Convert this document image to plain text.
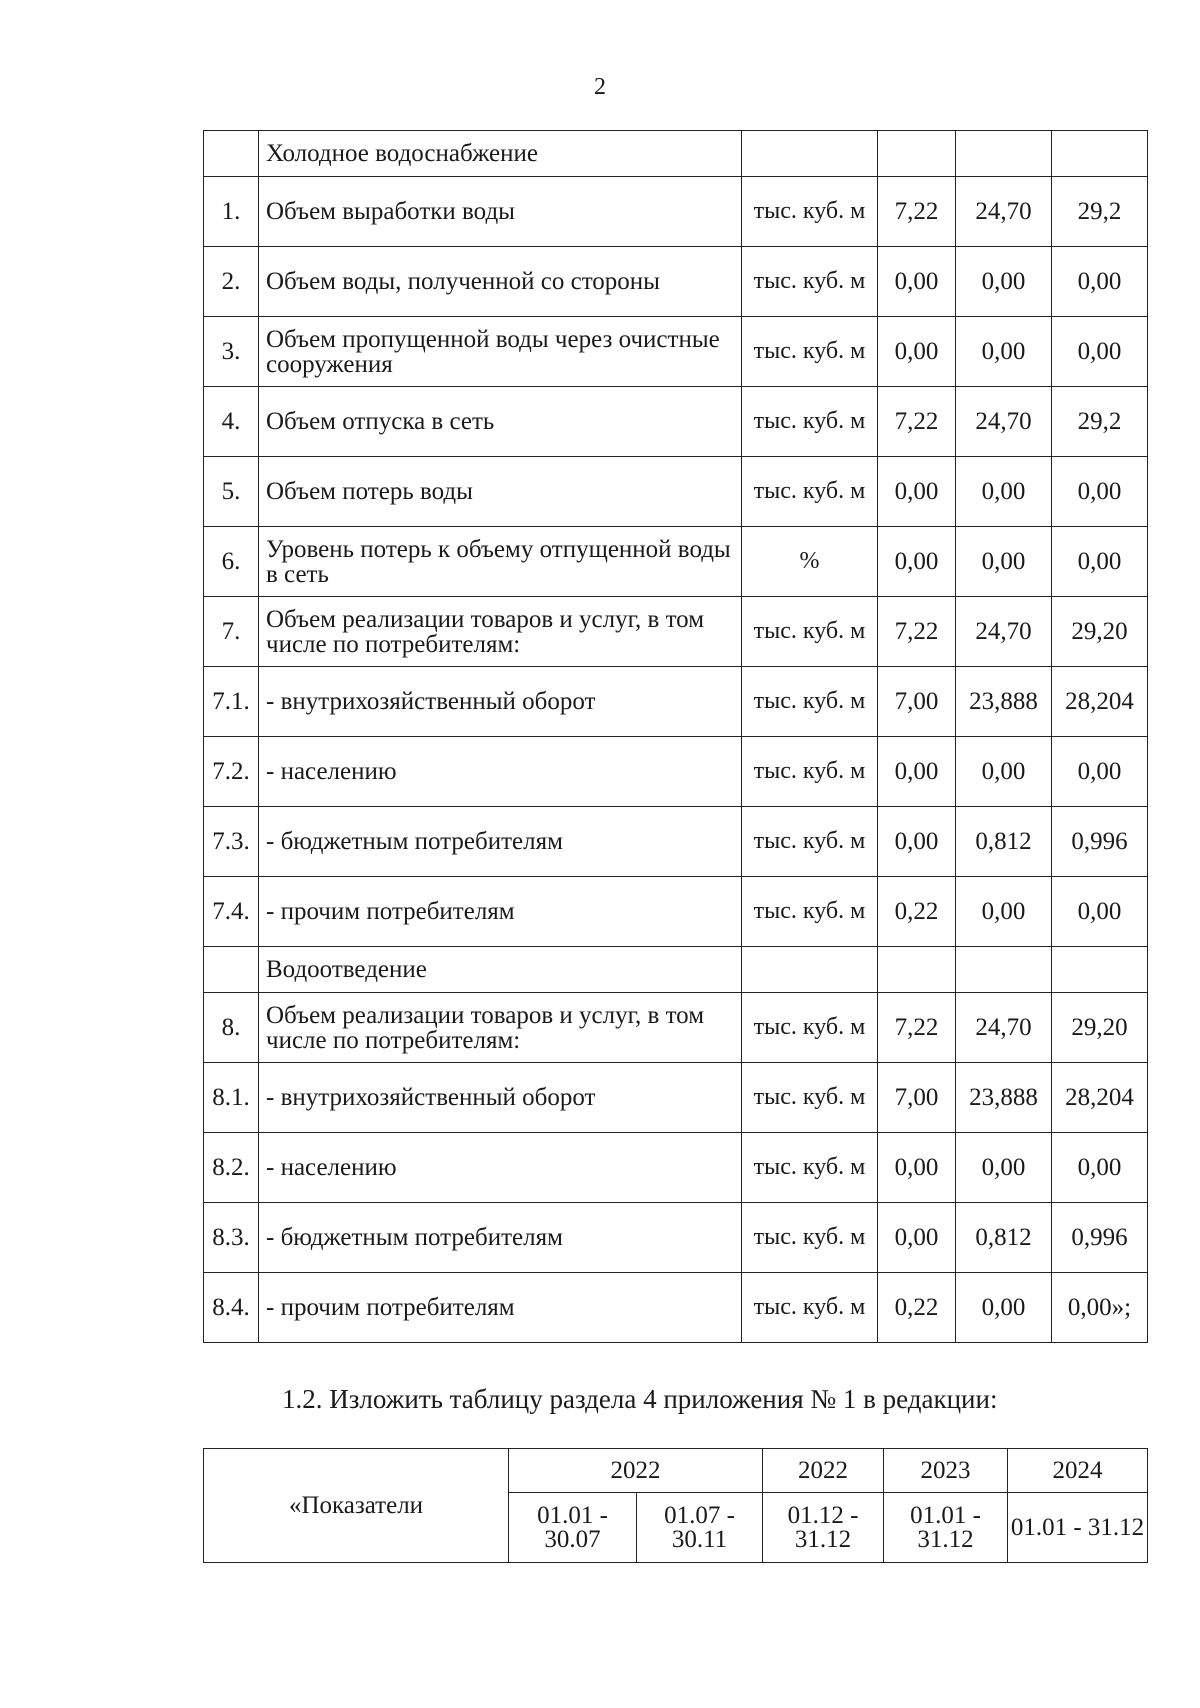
2
	Холодное водоснабжение				
1.	Объем выработки воды	тыс. куб. м	7,22	24,70	29,2
2.	Объем воды, полученной со стороны	тыс. куб. м	0,00	0,00	0,00
3.	Объем пропущенной воды через очистные сооружения	тыс. куб. м	0,00	0,00	0,00
4.	Объем отпуска в сеть	тыс. куб. м	7,22	24,70	29,2
5.	Объем потерь воды	тыс. куб. м	0,00	0,00	0,00
6.	Уровень потерь к объему отпущенной воды в сеть	%	0,00	0,00	0,00
7.	Объем реализации товаров и услуг, в том числе по потребителям:	тыс. куб. м	7,22	24,70	29,20
7.1.	- внутрихозяйственный оборот	тыс. куб. м	7,00	23,888	28,204
7.2.	- населению	тыс. куб. м	0,00	0,00	0,00
7.3.	- бюджетным потребителям	тыс. куб. м	0,00	0,812	0,996
7.4.	- прочим потребителям	тыс. куб. м	0,22	0,00	0,00
	Водоотведение				
8.	Объем реализации товаров и услуг, в том числе по потребителям:	тыс. куб. м	7,22	24,70	29,20
8.1.	- внутрихозяйственный оборот	тыс. куб. м	7,00	23,888	28,204
8.2.	- населению	тыс. куб. м	0,00	0,00	0,00
8.3.	- бюджетным потребителям	тыс. куб. м	0,00	0,812	0,996
8.4.	- прочим потребителям	тыс. куб. м	0,22	0,00	0,00»;
1.2. Изложить таблицу раздела 4 приложения № 1 в редакции:
«Показатели	2022		2022	2023	2024
	01.01 - 30.07	01.07 - 30.11	01.12 - 31.12	01.01 - 31.12	01.01 - 31.12
